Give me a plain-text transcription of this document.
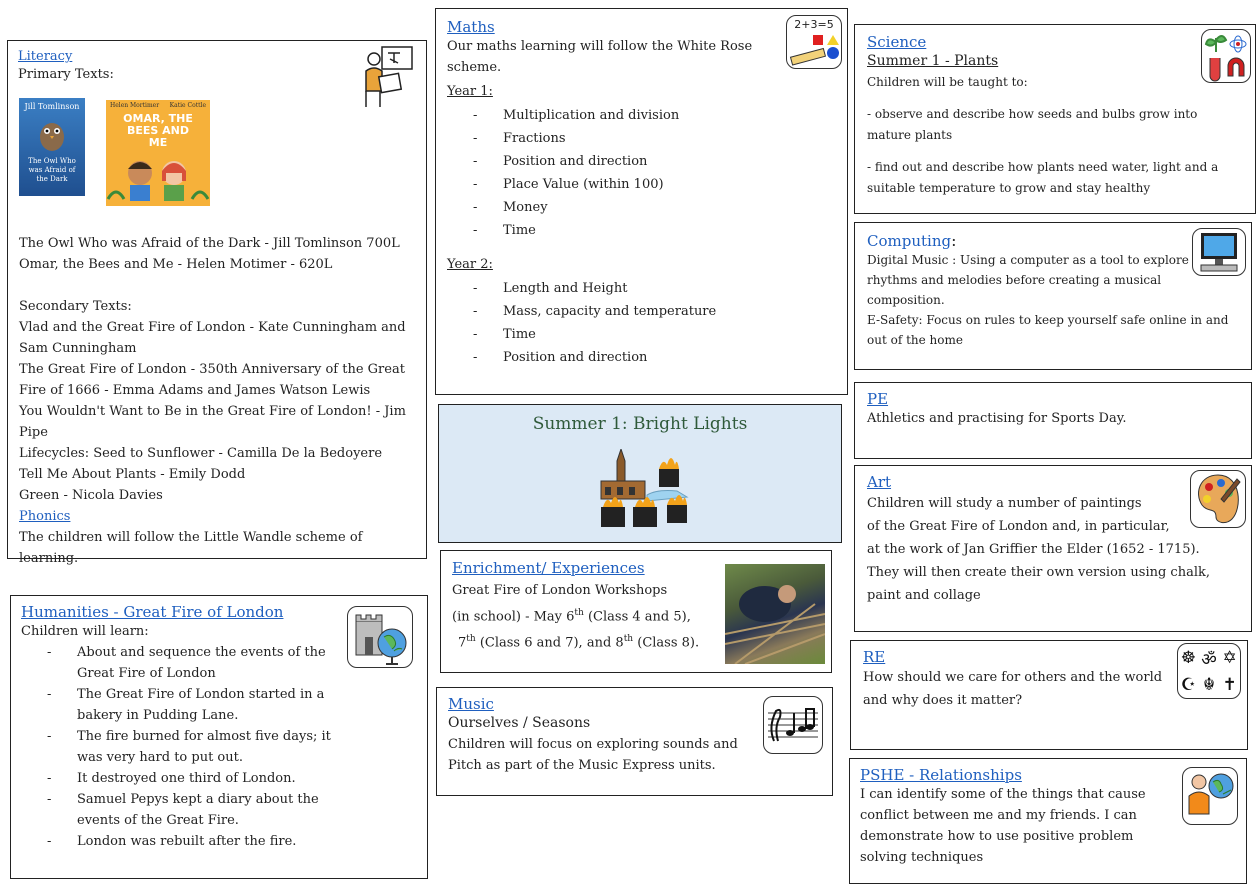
Literacy

Primary Texts:

Jill Tomlinson
The Owl Who was Afraid of the Dark
Helen Mortimer Katie Cottle
OMAR, THE BEES AND ME

The Owl Who was Afraid of the Dark - Jill Tomlinson 700L

Omar, the Bees and Me - Helen Motimer - 620L

Secondary Texts:

Vlad and the Great Fire of London - Kate Cunningham and Sam Cunningham

The Great Fire of London - 350th Anniversary of the Great Fire of 1666 - Emma Adams and James Watson Lewis

You Wouldn't Want to Be in the Great Fire of London! - Jim Pipe

Lifecycles: Seed to Sunflower - Camilla De la Bedoyere

Tell Me About Plants - Emily Dodd

Green - Nicola Davies

Phonics

The children will follow the Little Wandle scheme of learning.

Humanities - Great Fire of London

Children will learn:

- About and sequence the events of the Great Fire of London

- The Great Fire of London started in a bakery in Pudding Lane.

- The fire burned for almost five days; it was very hard to put out.

- It destroyed one third of London.

- Samuel Pepys kept a diary about the events of the Great Fire.

- London was rebuilt after the fire.

Maths

Our maths learning will follow the White Rose scheme.

Year 1:

- Multiplication and division

- Fractions

- Position and direction

- Place Value (within 100)

- Money

- Time

Year 2:

- Length and Height

- Mass, capacity and temperature

- Time

- Position and direction

2+3=5
Summer 1: Bright Lights
Enrichment/ Experiences

Great Fire of London Workshops

(in school) - May 6th (Class 4 and 5),

7th (Class 6 and 7), and 8th (Class 8).

Music

Ourselves / Seasons

Children will focus on exploring sounds and Pitch as part of the Music Express units.

Science

Summer 1 - Plants

Children will be taught to:

- observe and describe how seeds and bulbs grow into mature plants

- find out and describe how plants need water, light and a suitable temperature to grow and stay healthy

Computing:

Digital Music : Using a computer as a tool to explore rhythms and melodies before creating a musical composition.

E-Safety: Focus on rules to keep yourself safe online in and out of the home

PE

Athletics and practising for Sports Day.

Art

Children will study a number of paintings

of the Great Fire of London and, in particular,

at the work of Jan Griffier the Elder (1652 - 1715).

They will then create their own version using chalk,

paint and collage

RE

How should we care for others and the world and why does it matter?

☸ ॐ ✡
☪ ☬ ✝
PSHE - Relationships

I can identify some of the things that cause conflict between me and my friends. I can demonstrate how to use positive problem solving techniques
